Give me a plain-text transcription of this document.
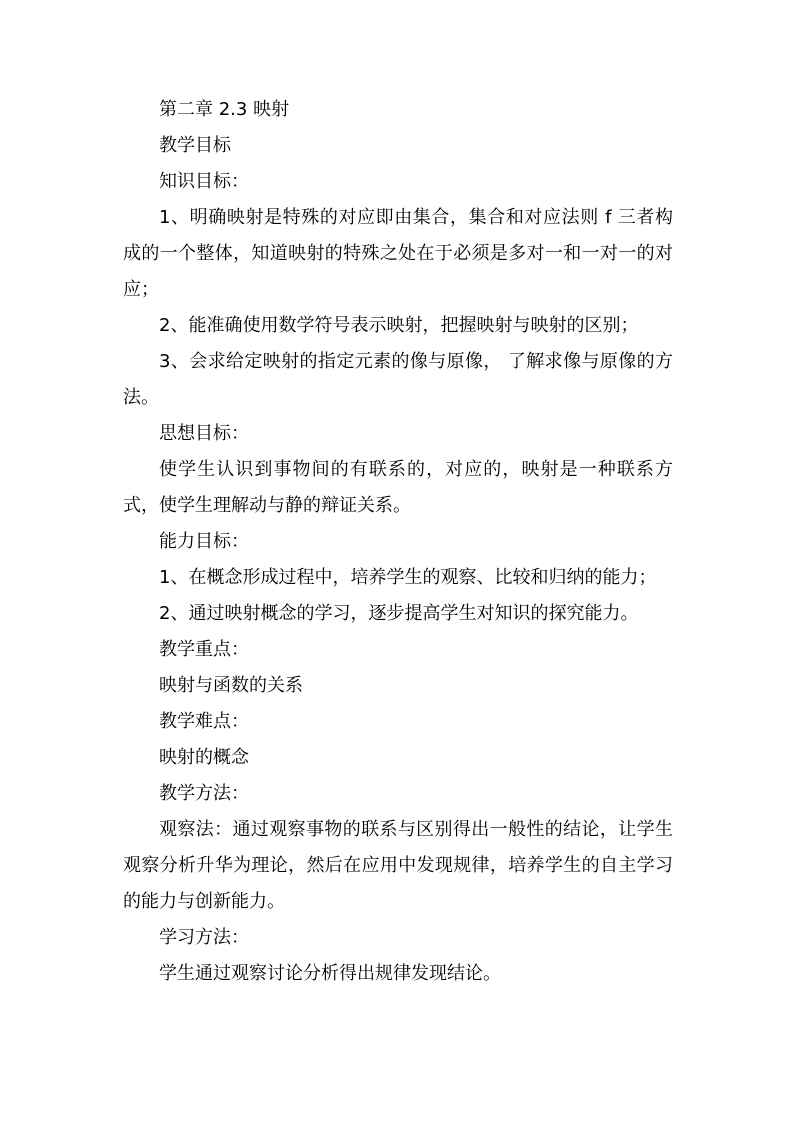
第二章 2.3 映射

教学目标

知识目标：

1、明确映射是特殊的对应即由集合，集合和对应法则 f 三者构成的一个整体，知道映射的特殊之处在于必须是多对一和一对一的对应；

2、能准确使用数学符号表示映射，把握映射与映射的区别；

3、会求给定映射的指定元素的像与原像， 了解求像与原像的方法。

思想目标：

使学生认识到事物间的有联系的，对应的，映射是一种联系方式，使学生理解动与静的辩证关系。

能力目标：

1、在概念形成过程中，培养学生的观察、比较和归纳的能力；

2、通过映射概念的学习，逐步提高学生对知识的探究能力。

教学重点：

映射与函数的关系

教学难点：

映射的概念

教学方法：

观察法：通过观察事物的联系与区别得出一般性的结论，让学生观察分析升华为理论，然后在应用中发现规律，培养学生的自主学习的能力与创新能力。

学习方法：

学生通过观察讨论分析得出规律发现结论。
